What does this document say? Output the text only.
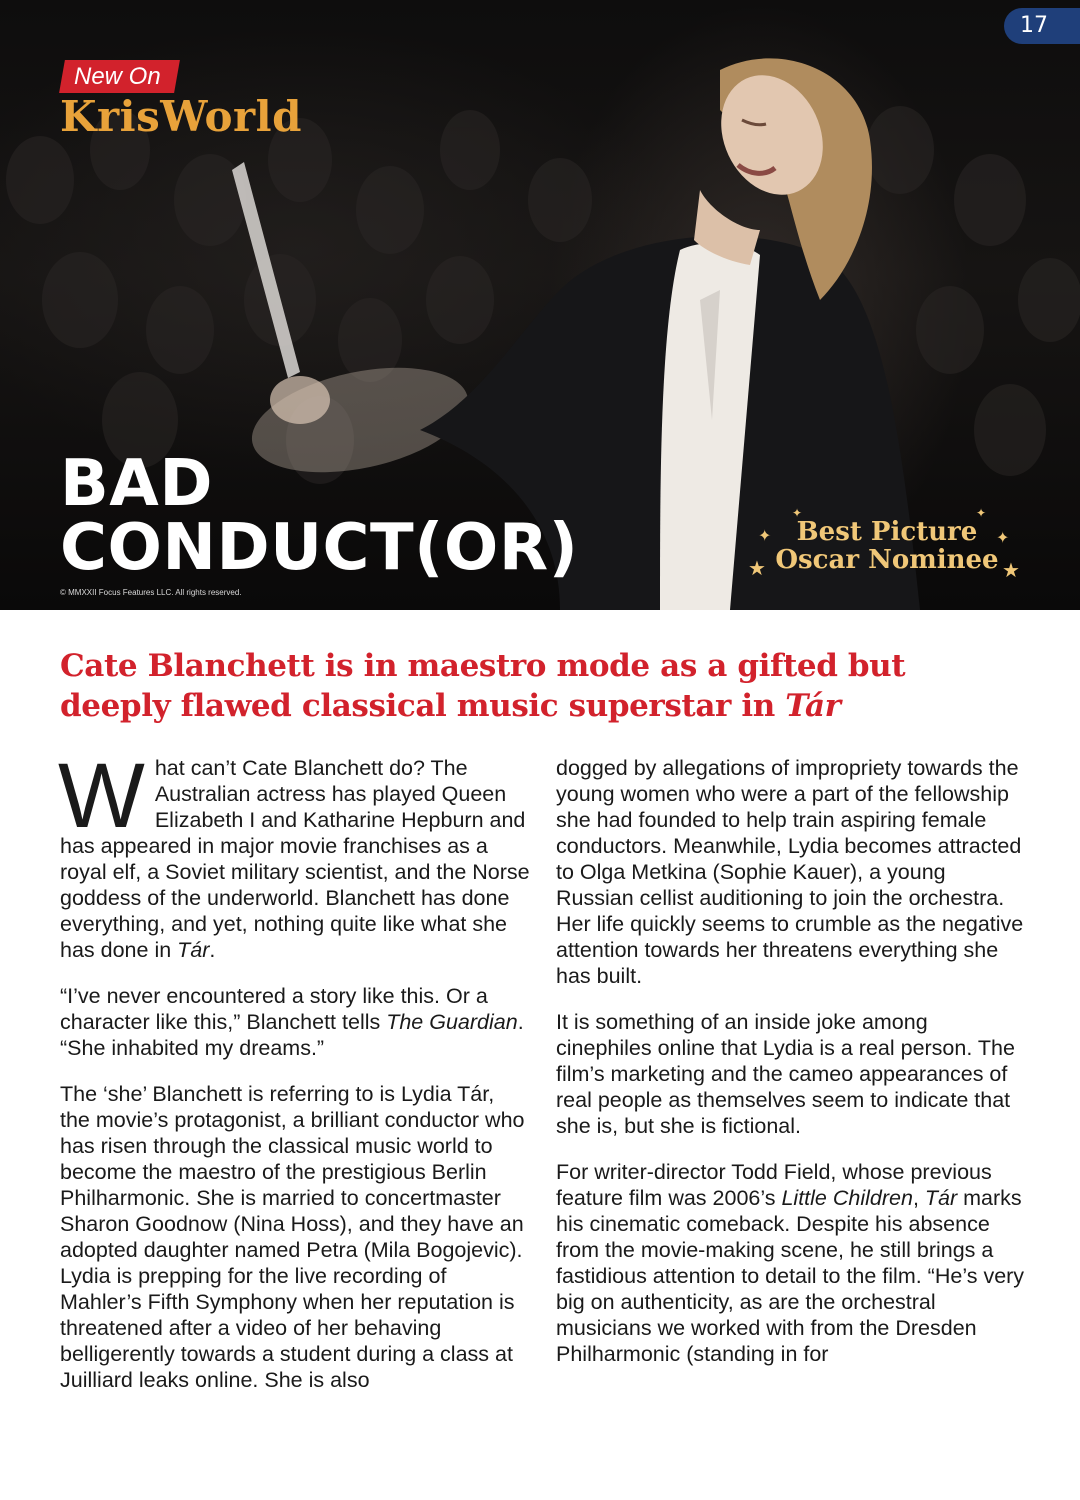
17
New On
KrisWorld
BAD
CONDUCT(OR)
© MMXXII Focus Features LLC. All rights reserved.
✦
★
✦	✦
✦
★
Best Picture
Oscar Nominee
Cate Blanchett is in maestro mode as a gifted but deeply flawed classical music superstar in Tár

What can’t Cate Blanchett do? The Australian actress has played Queen Elizabeth I and Katharine Hepburn and has appeared in major movie franchises as a royal elf, a Soviet military scientist, and the Norse goddess of the underworld. Blanchett has done everything, and yet, nothing quite like what she has done in Tár.

“I’ve never encountered a story like this. Or a character like this,” Blanchett tells The Guardian. “She inhabited my dreams.”

The ‘she’ Blanchett is referring to is Lydia Tár, the movie’s protagonist, a brilliant conductor who has risen through the classical music world to become the maestro of the prestigious Berlin Philharmonic. She is married to concertmaster Sharon Goodnow (Nina Hoss), and they have an adopted daughter named Petra (Mila Bogojevic). Lydia is prepping for the live recording of Mahler’s Fifth Symphony when her reputation is threatened after a video of her behaving belligerently towards a student during a class at Juilliard leaks online. She is also

dogged by allegations of impropriety towards the young women who were a part of the fellowship she had founded to help train aspiring female conductors. Meanwhile, Lydia becomes attracted to Olga Metkina (Sophie Kauer), a young Russian cellist auditioning to join the orchestra. Her life quickly seems to crumble as the negative attention towards her threatens everything she has built.

It is something of an inside joke among cinephiles online that Lydia is a real person. The film’s marketing and the cameo appearances of real people as themselves seem to indicate that she is, but she is fictional.

For writer-director Todd Field, whose previous feature film was 2006’s Little Children, Tár marks his cinematic comeback. Despite his absence from the movie-making scene, he still brings a fastidious attention to detail to the film. “He’s very big on authenticity, as are the orchestral musicians we worked with from the Dresden Philharmonic (standing in for
